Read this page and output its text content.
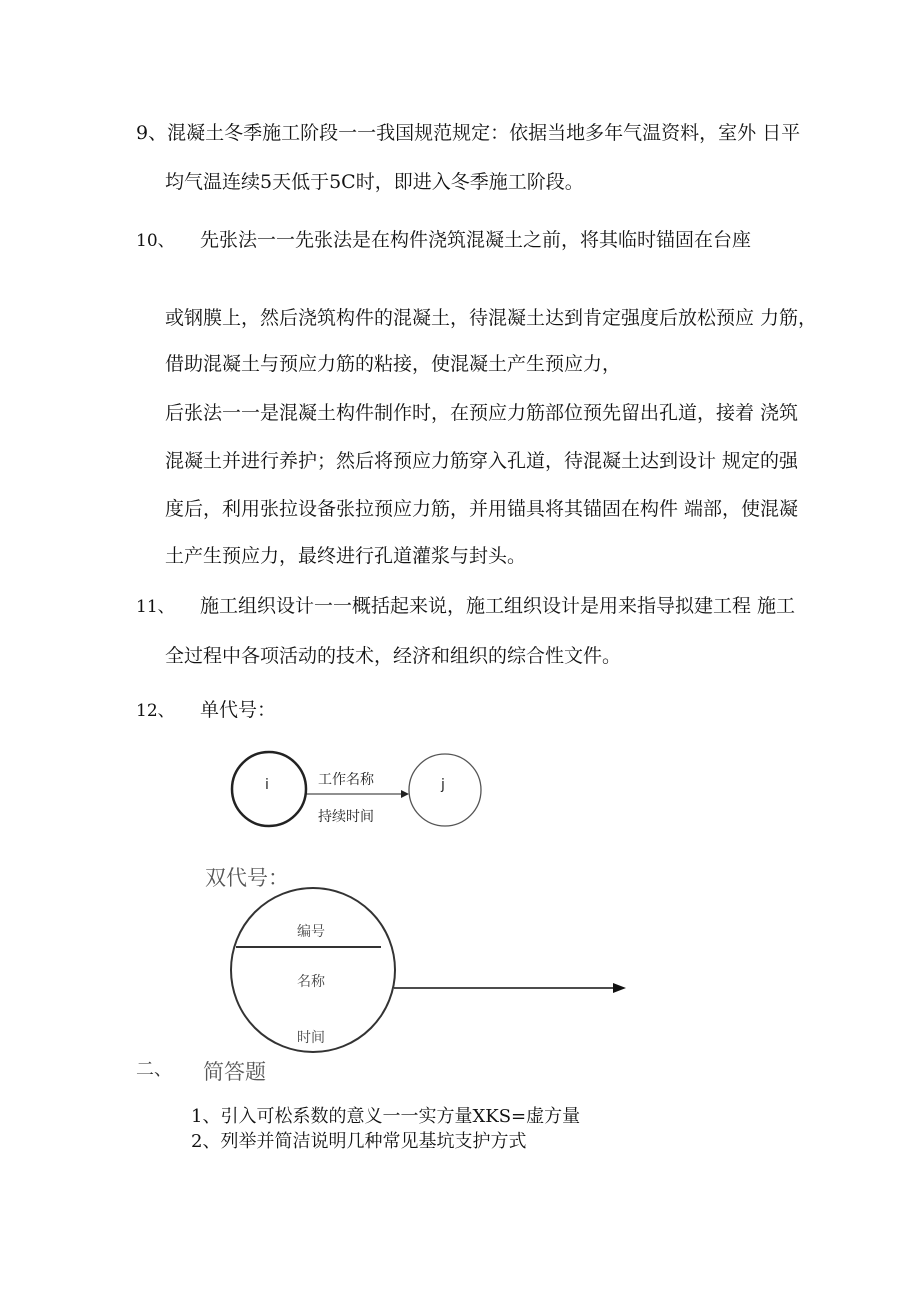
9、混凝土冬季施工阶段一一我国规范规定：依据当地多年气温资料，室外 日平
均气温连续5天低于5C时，即进入冬季施工阶段。
10、 先张法一一先张法是在构件浇筑混凝土之前，将其临时锚固在台座
或钢膜上，然后浇筑构件的混凝土，待混凝土达到肯定强度后放松预应 力筋，
借助混凝土与预应力筋的粘接，使混凝土产生预应力，
后张法一一是混凝土构件制作时，在预应力筋部位预先留出孔道，接着 浇筑
混凝土并进行养护；然后将预应力筋穿入孔道，待混凝土达到设计 规定的强
度后，利用张拉设备张拉预应力筋，并用锚具将其锚固在构件 端部，使混凝
土产生预应力，最终进行孔道灌浆与封头。
11、 施工组织设计一一概括起来说，施工组织设计是用来指导拟建工程 施工
全过程中各项活动的技术，经济和组织的综合性文件。
12、 单代号：
i	j
工作名称
持续时间
双代号：
编号
名称
时间
二、 简答题
1、引入可松系数的意义一一实方量XKS=虚方量
2、列举并简洁说明几种常见基坑支护方式
